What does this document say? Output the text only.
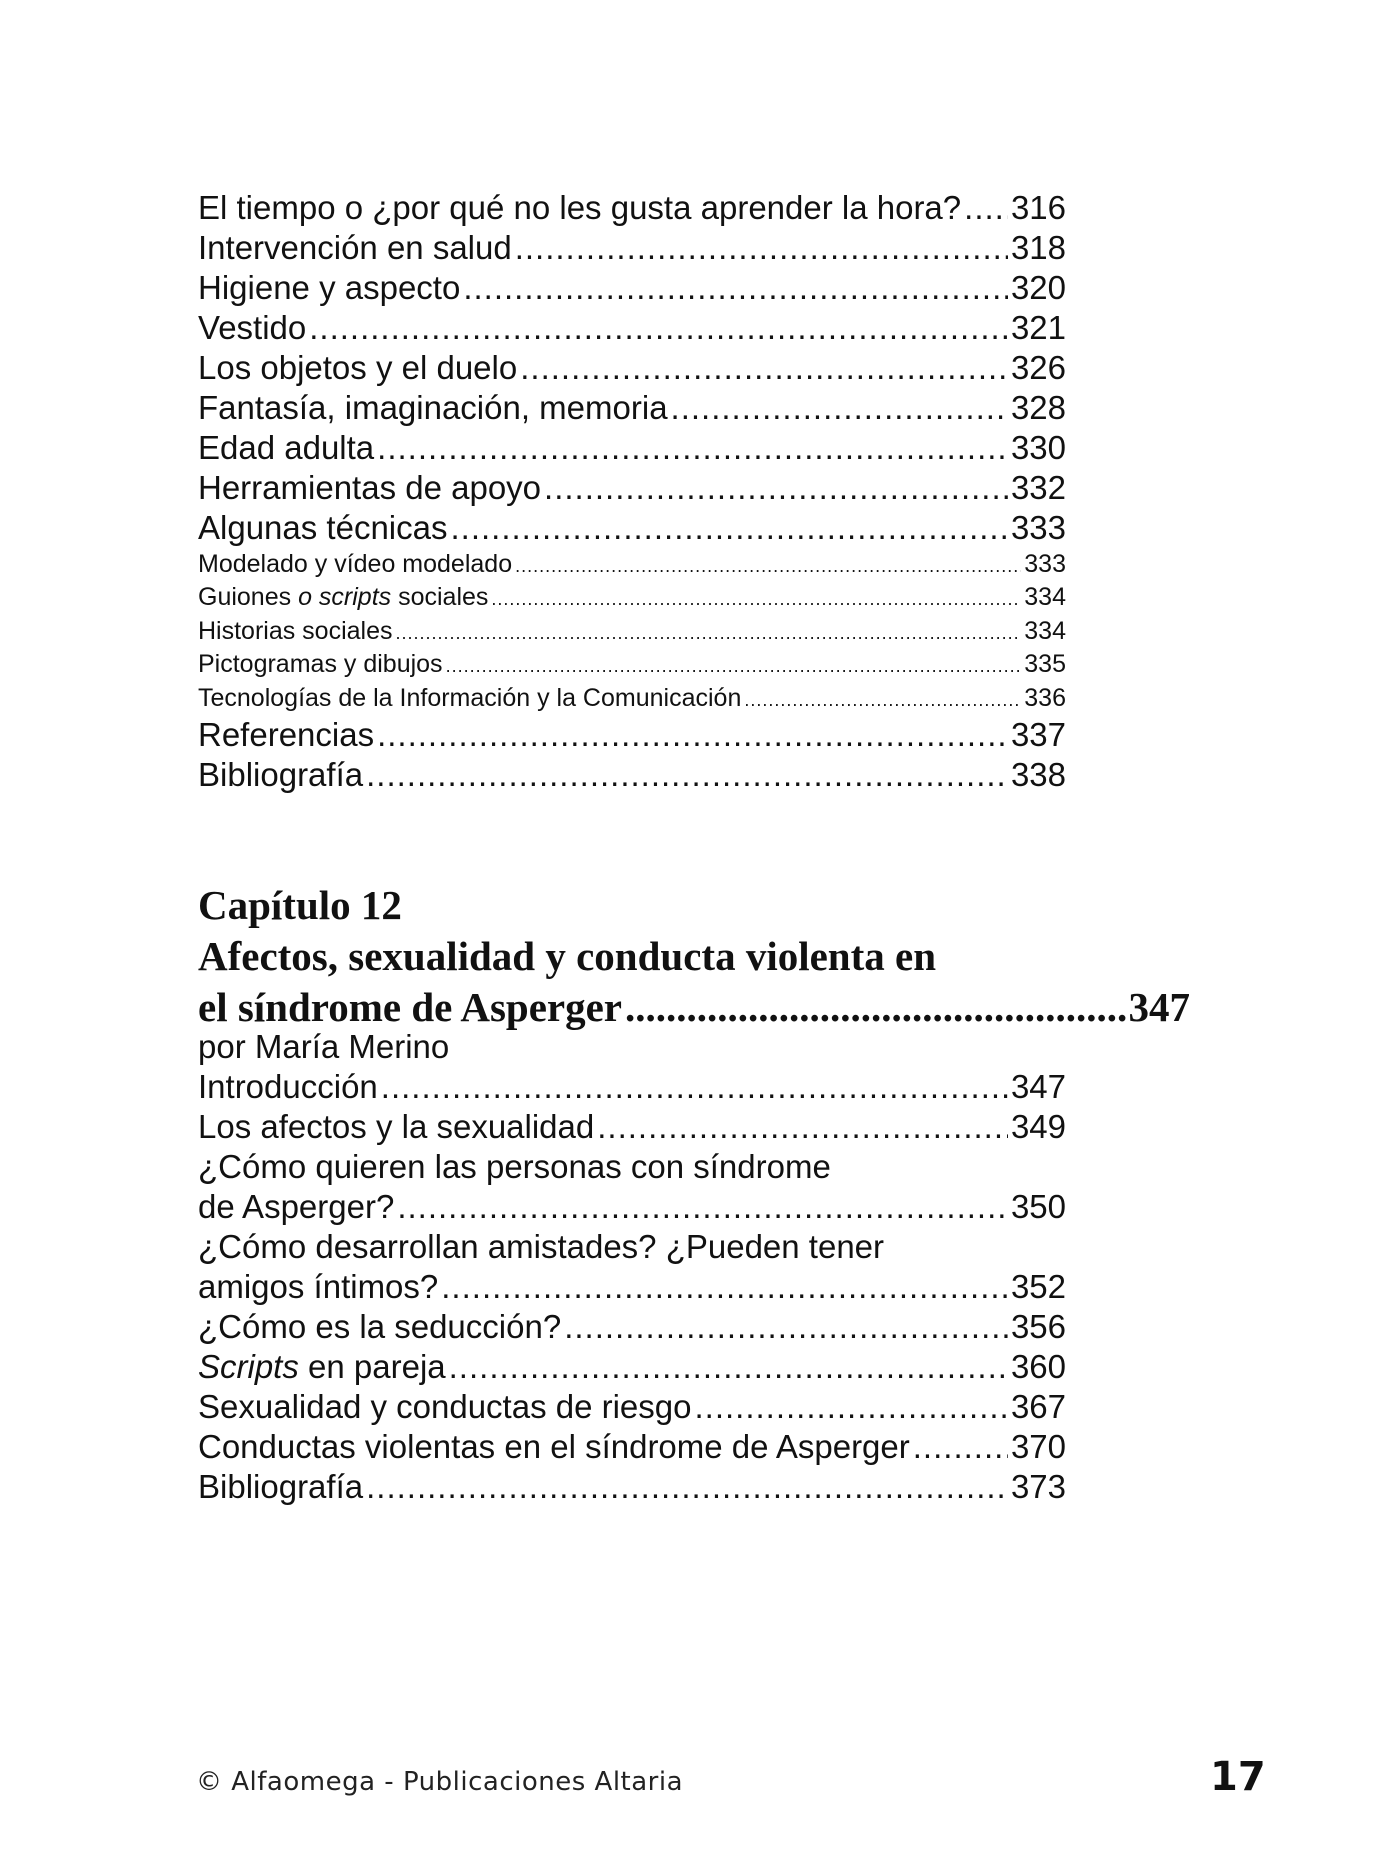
El tiempo o ¿por qué no les gusta aprender la hora? ..... 316
Intervención en salud .....	318
Higiene y aspecto .....	320
Vestido .....	321
Los objetos y el duelo .....	326
Fantasía, imaginación, memoria .....	328
Edad adulta .....	330
Herramientas de apoyo .....	332
Algunas técnicas .....	333
Modelado y vídeo modelado .....	333
Guiones o scripts sociales .....	334
Historias sociales .....	334
Pictogramas y dibujos .....	335
Tecnologías de la Información y la Comunicación .....	336
Referencias .....	337
Bibliografía .....	338
Capítulo 12
Afectos, sexualidad y conducta violenta en
el síndrome de Asperger .....	347
por María Merino
Introducción .....	347
Los afectos y la sexualidad .....	349
¿Cómo quieren las personas con síndrome
de Asperger? .....	350
¿Cómo desarrollan amistades? ¿Pueden tener
amigos íntimos? .....	352
¿Cómo es la seducción? .....	356
Scripts en pareja .....	360
Sexualidad y conductas de riesgo .....	367
Conductas violentas en el síndrome de Asperger .....	370
Bibliografía .....	373
© Alfaomega - Publicaciones Altaria	17
